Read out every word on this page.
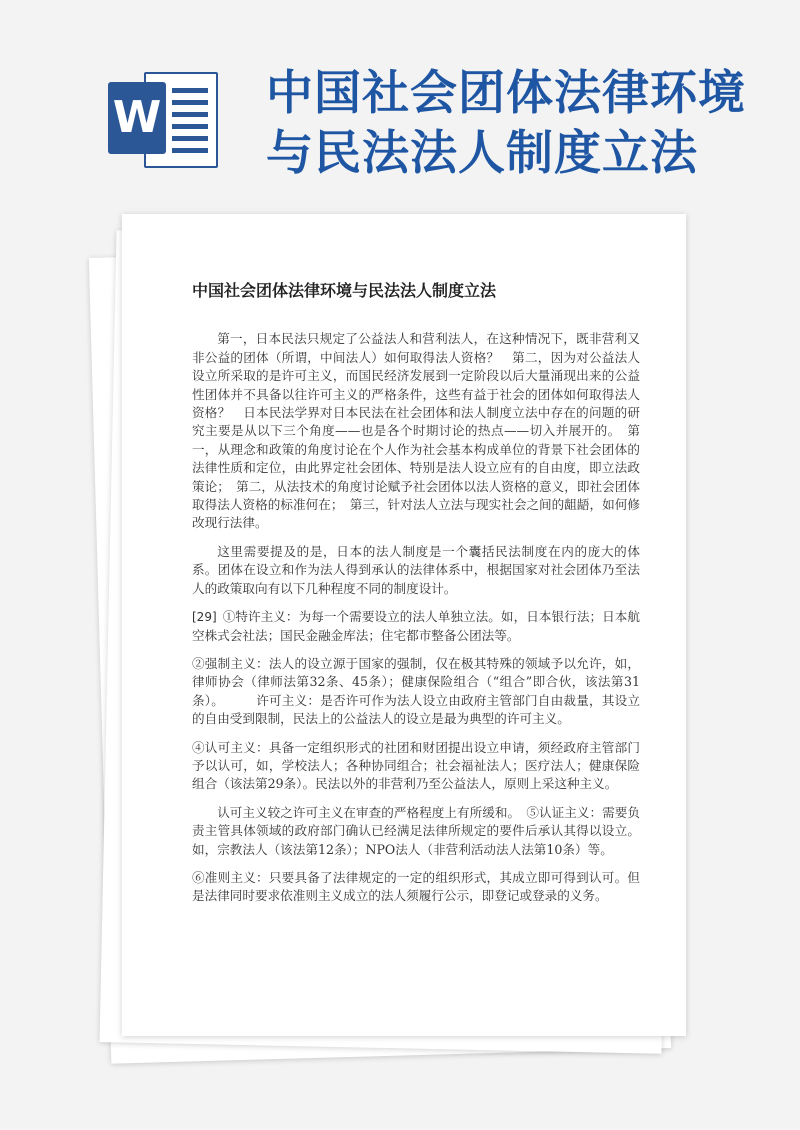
W 中国社会团体法律环境
与民法法人制度立法
中国社会团体法律环境与民法法人制度立法

第一，日本民法只规定了公益法人和营利法人，在这种情况下，既非营利又非公益的团体（所谓，中间法人）如何取得法人资格？　第二，因为对公益法人设立所采取的是许可主义，而国民经济发展到一定阶段以后大量涌现出来的公益性团体并不具备以往许可主义的严格条件，这些有益于社会的团体如何取得法人资格？　日本民法学界对日本民法在社会团体和法人制度立法中存在的问题的研究主要是从以下三个角度——也是各个时期讨论的热点——切入并展开的。　第一，从理念和政策的角度讨论在个人作为社会基本构成单位的背景下社会团体的法律性质和定位，由此界定社会团体、特别是法人设立应有的自由度，即立法政策论；　第二，从法技术的角度讨论赋予社会团体以法人资格的意义，即社会团体取得法人资格的标准何在；　第三，针对法人立法与现实社会之间的龃龉，如何修改现行法律。

这里需要提及的是，日本的法人制度是一个囊括民法制度在内的庞大的体系。团体在设立和作为法人得到承认的法律体系中，根据国家对社会团体乃至法人的政策取向有以下几种程度不同的制度设计。

[29] ①特许主义：为每一个需要设立的法人单独立法。如，日本银行法；日本航空株式会社法；国民金融金库法；住宅都市整备公团法等。

②强制主义：法人的设立源于国家的强制，仅在极其特殊的领域予以允许，如，律师协会（律师法第32条、45条）；健康保险组合（“组合”即合伙，该法第31条）。　　　许可主义：是否许可作为法人设立由政府主管部门自由裁量，其设立的自由受到限制，民法上的公益法人的设立是最为典型的许可主义。

④认可主义：具备一定组织形式的社团和财团提出设立申请，须经政府主管部门予以认可，如，学校法人；各种协同组合；社会福祉法人；医疗法人；健康保险组合（该法第29条）。民法以外的非营利乃至公益法人，原则上采这种主义。

认可主义较之许可主义在审查的严格程度上有所缓和。　⑤认证主义：需要负责主管具体领域的政府部门确认已经满足法律所规定的要件后承认其得以设立。如，宗教法人（该法第12条）；NPO法人（非营利活动法人法第10条）等。

⑥准则主义：只要具备了法律规定的一定的组织形式，其成立即可得到认可。但是法律同时要求依准则主义成立的法人须履行公示，即登记或登录的义务。
